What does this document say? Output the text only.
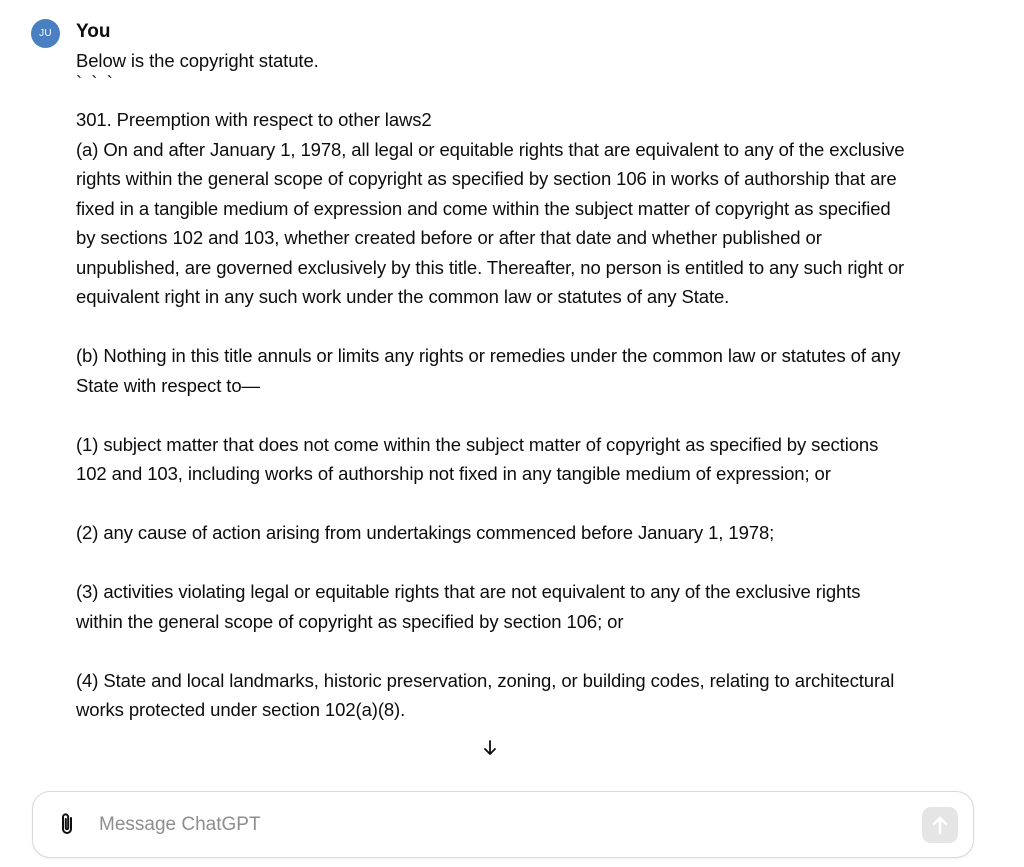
JU	You

Below is the copyright statute.

` ` `

301. Preemption with respect to other laws2

(a) On and after January 1, 1978, all legal or equitable rights that are equivalent to any of the exclusive rights within the general scope of copyright as specified by section 106 in works of authorship that are fixed in a tangible medium of expression and come within the subject matter of copyright as specified by sections 102 and 103, whether created before or after that date and whether published or unpublished, are governed exclusively by this title. Thereafter, no person is entitled to any such right or equivalent right in any such work under the common law or statutes of any State.

(b) Nothing in this title annuls or limits any rights or remedies under the common law or statutes of any State with respect to—

(1) subject matter that does not come within the subject matter of copyright as specified by sections 102 and 103, including works of authorship not fixed in any tangible medium of expression; or

(2) any cause of action arising from undertakings commenced before January 1, 1978;

(3) activities violating legal or equitable rights that are not equivalent to any of the exclusive rights within the general scope of copyright as specified by section 106; or

(4) State and local landmarks, historic preservation, zoning, or building codes, relating to architectural works protected under section 102(a)(8).

Message ChatGPT
